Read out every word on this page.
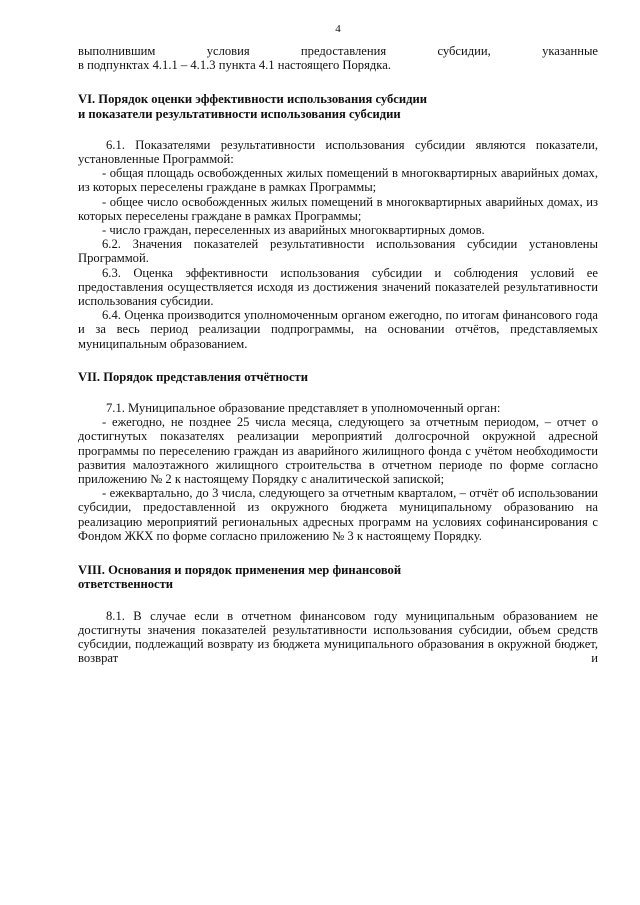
4

выполнившим условия предоставления субсидии, указанные

в подпунктах 4.1.1 – 4.1.3 пункта 4.1 настоящего Порядка.

VI. Порядок оценки эффективности использования субсидии

и показатели результативности использования субсидии

6.1. Показателями результативности использования субсидии являются показатели, установленные Программой:

- общая площадь освобожденных жилых помещений в многоквартирных аварийных домах, из которых переселены граждане в рамках Программы;

- общее число освобожденных жилых помещений в многоквартирных аварийных домах, из которых переселены граждане в рамках Программы;

- число граждан, переселенных из аварийных многоквартирных домов.

6.2. Значения показателей результативности использования субсидии установлены Программой.

6.3. Оценка эффективности использования субсидии и соблюдения условий ее предоставления осуществляется исходя из достижения значений показателей результативности использования субсидии.

6.4. Оценка производится уполномоченным органом ежегодно, по итогам финансового года и за весь период реализации подпрограммы, на основании отчётов, представляемых муниципальным образованием.

VII. Порядок представления отчётности

7.1. Муниципальное образование представляет в уполномоченный орган:

- ежегодно, не позднее 25 числа месяца, следующего за отчетным периодом, – отчет о достигнутых показателях реализации мероприятий долгосрочной окружной адресной программы по переселению граждан из аварийного жилищного фонда с учётом необходимости развития малоэтажного жилищного строительства в отчетном периоде по форме согласно приложению № 2 к настоящему Порядку с аналитической запиской;

- ежеквартально, до 3 числа, следующего за отчетным кварталом, – отчёт об использовании субсидии, предоставленной из окружного бюджета муниципальному образованию на реализацию мероприятий региональных адресных программ на условиях софинансирования с Фондом ЖКХ по форме согласно приложению № 3 к настоящему Порядку.

VIII. Основания и порядок применения мер финансовой

ответственности

8.1. В случае если в отчетном финансовом году муниципальным образованием не достигнуты значения показателей результативности использования субсидии, объем средств субсидии, подлежащий возврату из бюджета муниципального образования в окружной бюджет, возврат и
